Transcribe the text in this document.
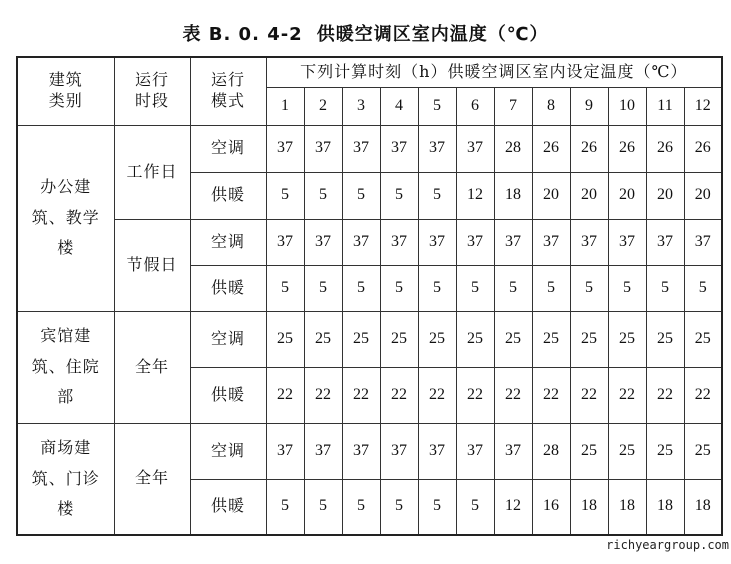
表 B. 0. 4-2 供暖空调区室内温度（℃）
建筑类别	运行时段	运行模式	下列计算时刻（h）供暖空调区室内设定温度（℃）											
			1	2	3	4	5	6	7	8	9	10	11	12
办公建筑、教学楼	工作日	空调	37	37	37	37	37	37	28	26	26	26	26	26
		供暖	5	5	5	5	5	12	18	20	20	20	20	20
	节假日	空调	37	37	37	37	37	37	37	37	37	37	37	37
		供暖	5	5	5	5	5	5	5	5	5	5	5	5
宾馆建筑、住院部	全年	空调	25	25	25	25	25	25	25	25	25	25	25	25
		供暖	22	22	22	22	22	22	22	22	22	22	22	22
商场建筑、门诊楼	全年	空调	37	37	37	37	37	37	37	28	25	25	25	25
		供暖	5	5	5	5	5	5	12	16	18	18	18	18
richyeargroup.com
